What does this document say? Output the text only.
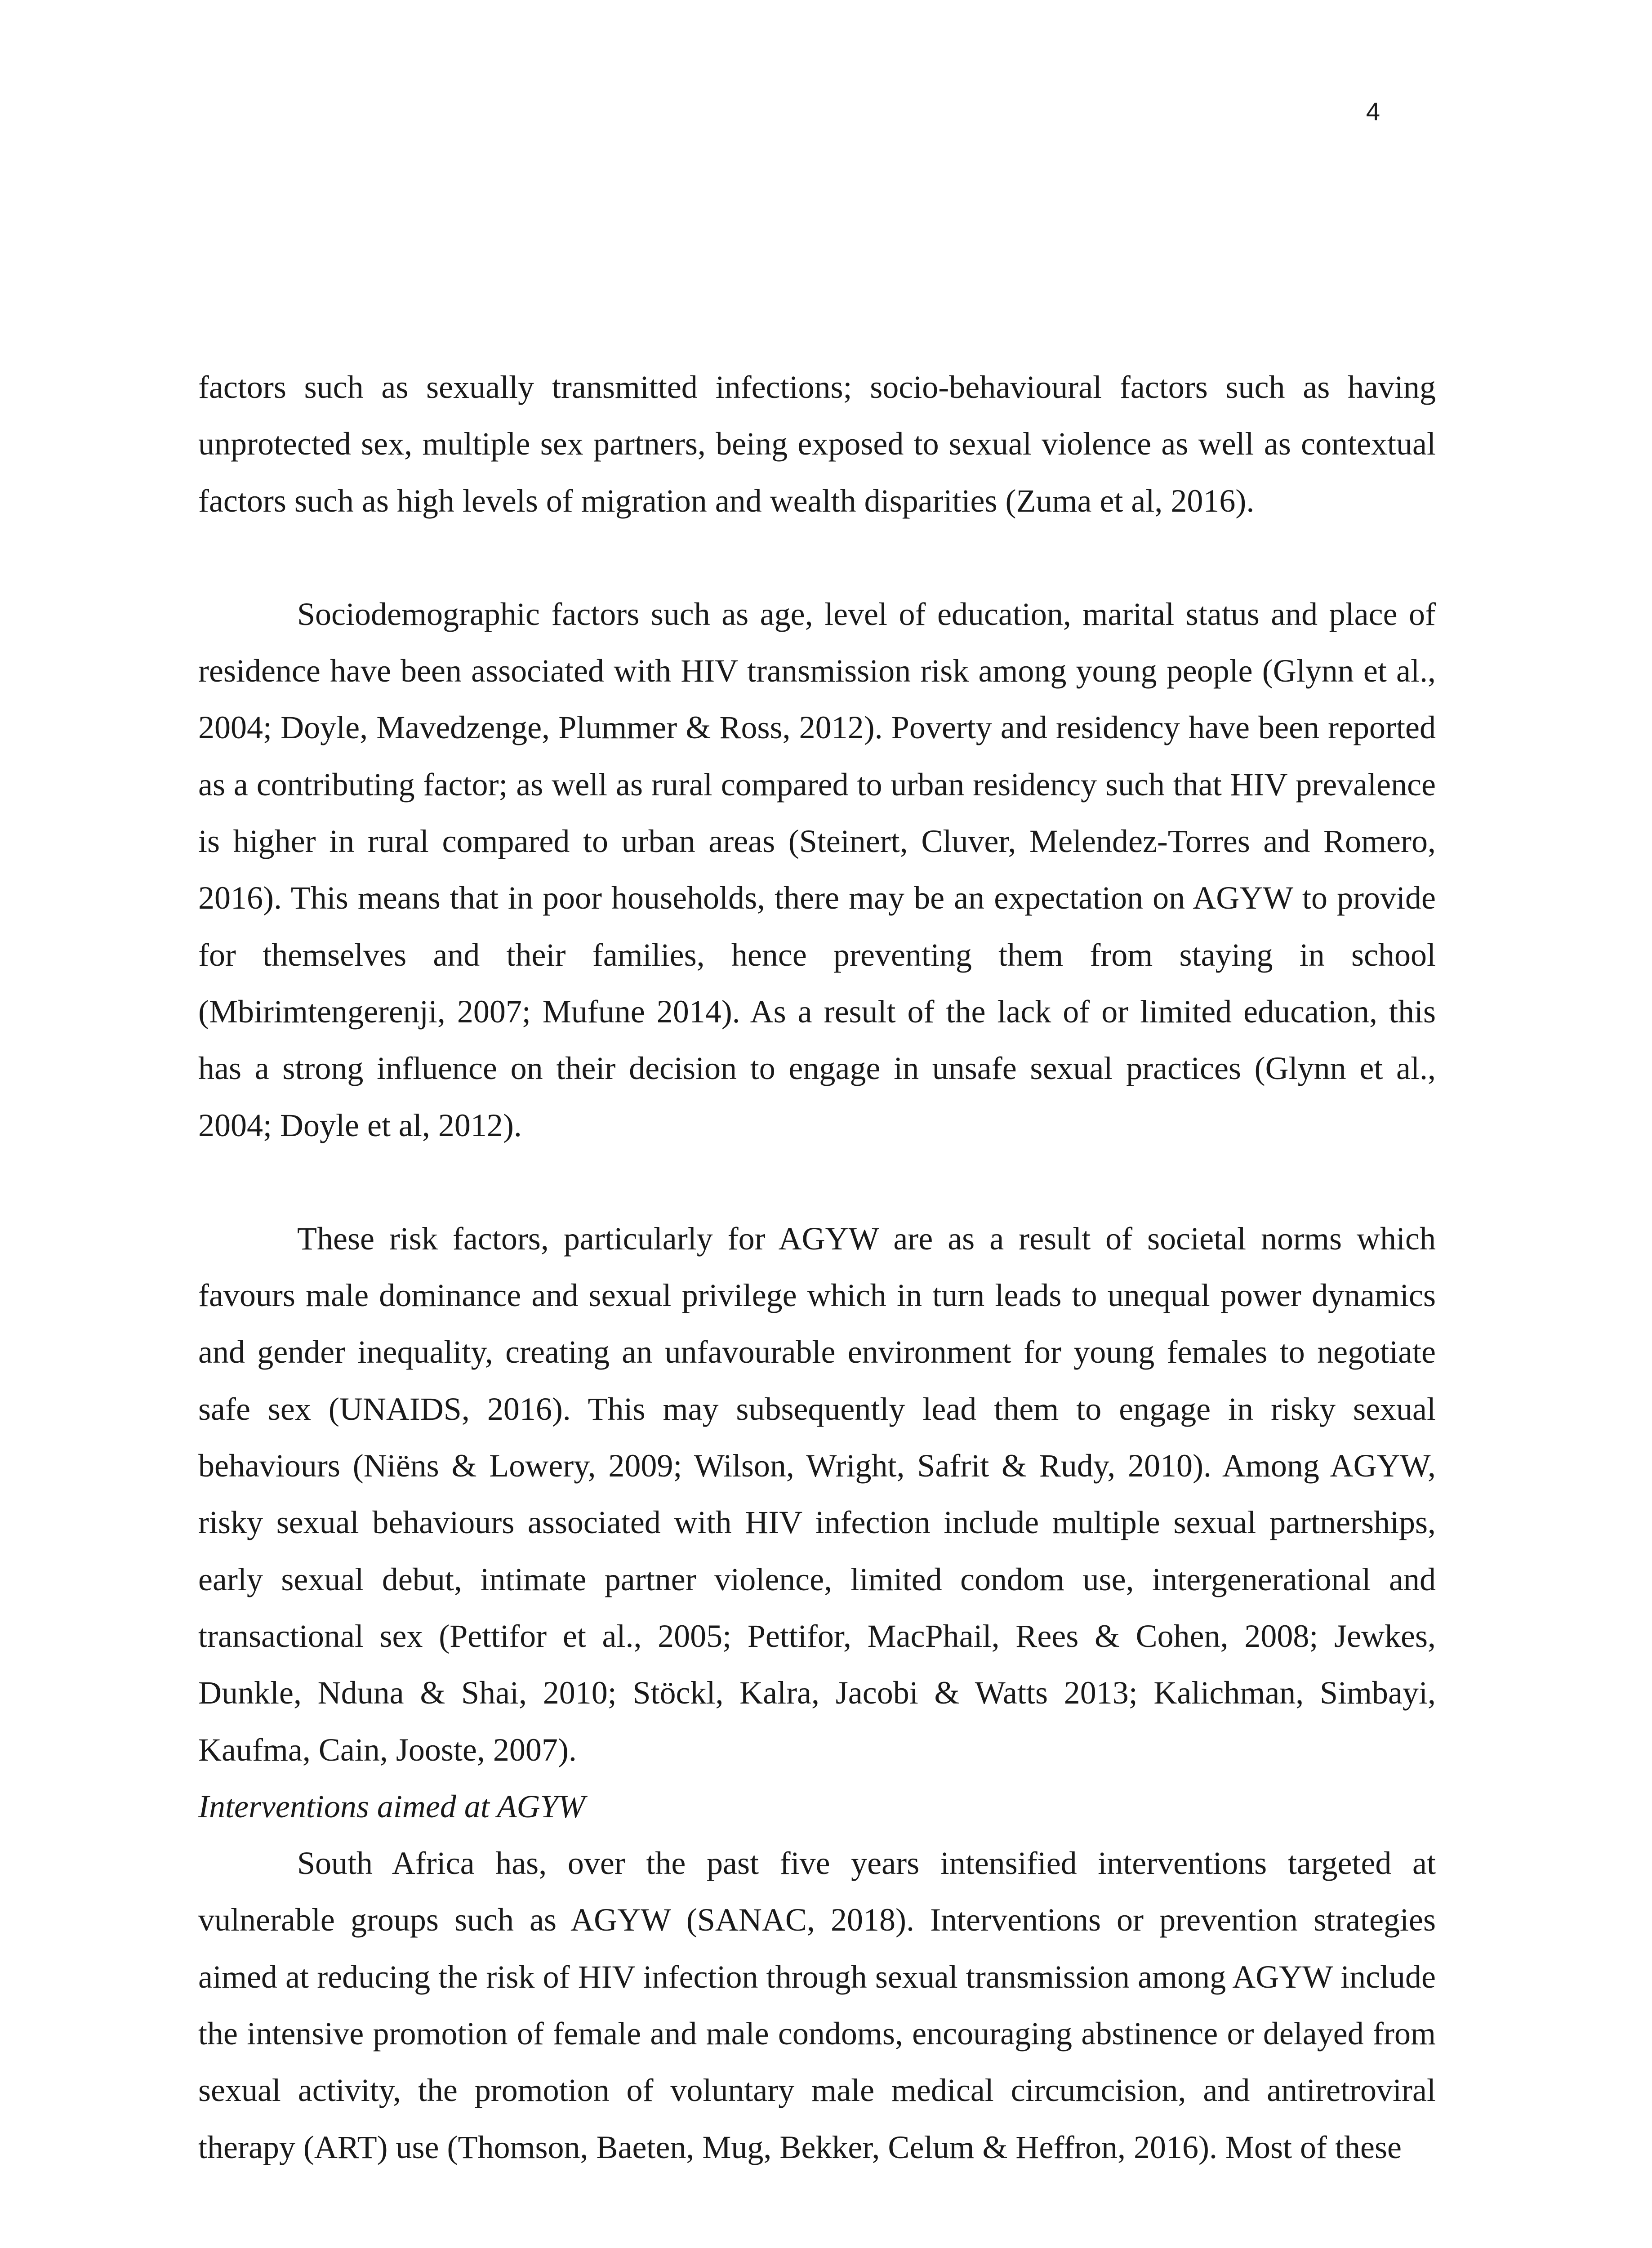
4

factors such as sexually transmitted infections; socio-behavioural factors such as having unprotected sex, multiple sex partners, being exposed to sexual violence as well as contextual factors such as high levels of migration and wealth disparities (Zuma et al, 2016).

Sociodemographic factors such as age, level of education, marital status and place of residence have been associated with HIV transmission risk among young people (Glynn et al., 2004; Doyle, Mavedzenge, Plummer & Ross, 2012). Poverty and residency have been reported as a contributing factor; as well as rural compared to urban residency such that HIV prevalence is higher in rural compared to urban areas (Steinert, Cluver, Melendez-Torres and Romero, 2016). This means that in poor households, there may be an expectation on AGYW to provide for themselves and their families, hence preventing them from staying in school (Mbirimtengerenji, 2007; Mufune 2014). As a result of the lack of or limited education, this has a strong influence on their decision to engage in unsafe sexual practices (Glynn et al., 2004; Doyle et al, 2012).

These risk factors, particularly for AGYW are as a result of societal norms which favours male dominance and sexual privilege which in turn leads to unequal power dynamics and gender inequality, creating an unfavourable environment for young females to negotiate safe sex (UNAIDS, 2016). This may subsequently lead them to engage in risky sexual behaviours (Niëns & Lowery, 2009; Wilson, Wright, Safrit & Rudy, 2010). Among AGYW, risky sexual behaviours associated with HIV infection include multiple sexual partnerships, early sexual debut, intimate partner violence, limited condom use, intergenerational and transactional sex (Pettifor et al., 2005; Pettifor, MacPhail, Rees & Cohen, 2008; Jewkes, Dunkle, Nduna & Shai, 2010; Stöckl, Kalra, Jacobi & Watts 2013; Kalichman, Simbayi, Kaufma, Cain, Jooste, 2007).

Interventions aimed at AGYW

South Africa has, over the past five years intensified interventions targeted at vulnerable groups such as AGYW (SANAC, 2018). Interventions or prevention strategies aimed at reducing the risk of HIV infection through sexual transmission among AGYW include the intensive promotion of female and male condoms, encouraging abstinence or delayed from sexual activity, the promotion of voluntary male medical circumcision, and antiretroviral therapy (ART) use (Thomson, Baeten, Mug, Bekker, Celum & Heffron, 2016). Most of these
